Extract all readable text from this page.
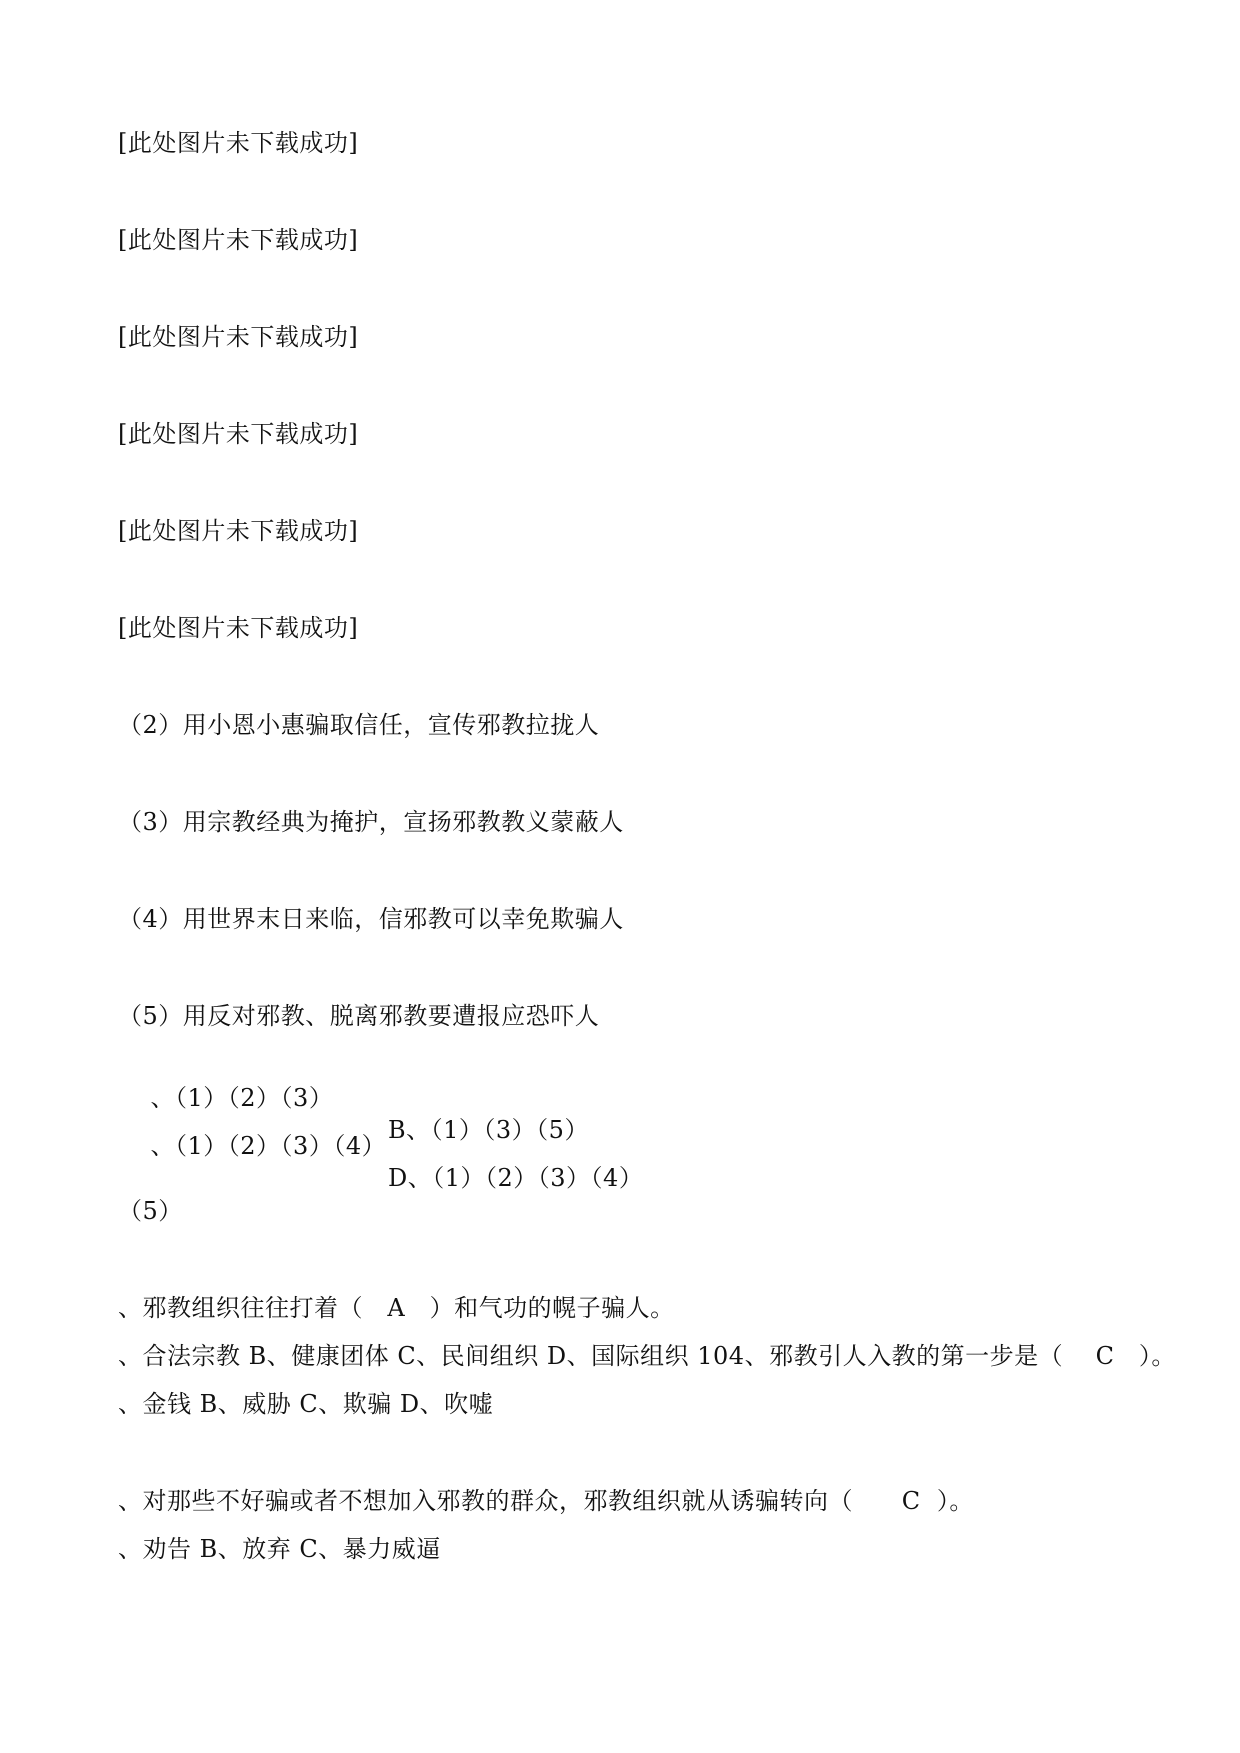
[此处图片未下载成功]
[此处图片未下载成功]
[此处图片未下载成功]
[此处图片未下载成功]
[此处图片未下载成功]
[此处图片未下载成功]
（2）用小恩小惠骗取信任，宣传邪教拉拢人
（3）用宗教经典为掩护，宣扬邪教教义蒙蔽人
（4）用世界末日来临，信邪教可以幸免欺骗人
（5）用反对邪教、脱离邪教要遭报应恐吓人

、（1）（2）（3）

B、（1）（3）（5）

、（1）（2）（3）（4）

D、（1）（2）（3）（4）

（5）
、邪教组织往往打着（   A   ）和气功的幌子骗人。
、合法宗教 B、健康团体 C、民间组织 D、国际组织 104、邪教引人入教的第一步是（    C   ）。
、金钱 B、威胁 C、欺骗 D、吹嘘
、对那些不好骗或者不想加入邪教的群众，邪教组织就从诱骗转向（      C  ）。
、劝告 B、放弃 C、暴力威逼
